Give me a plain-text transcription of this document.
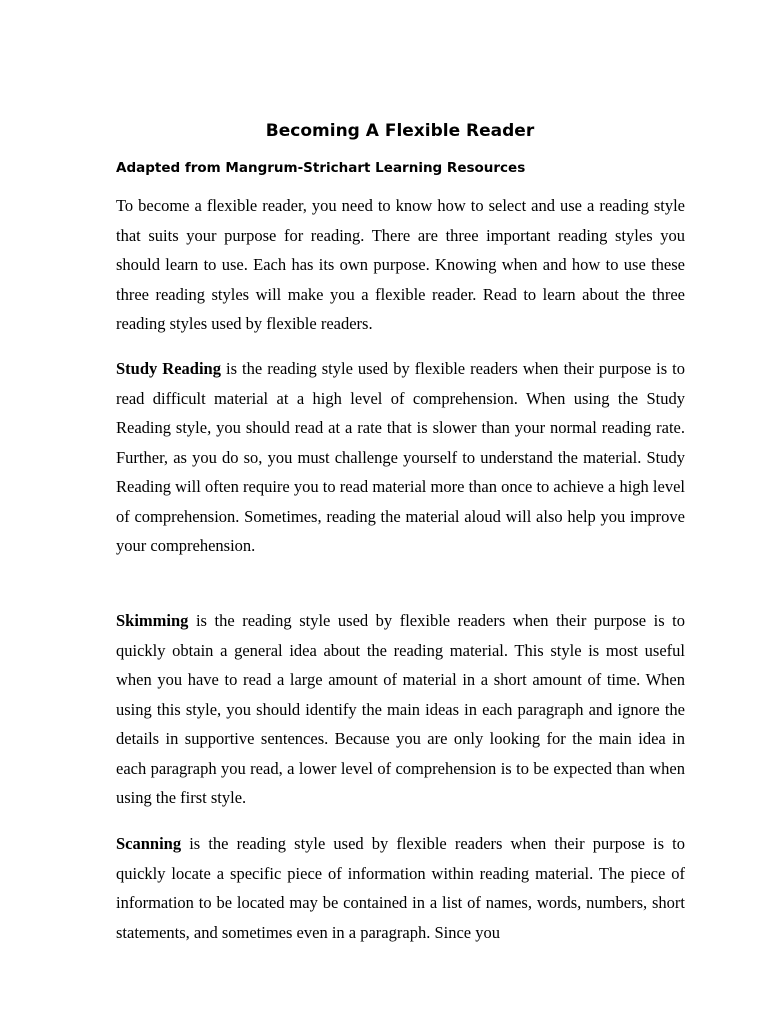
Becoming A Flexible Reader
Adapted from Mangrum-Strichart Learning Resources

To become a flexible reader, you need to know how to select and use a reading style that suits your purpose for reading. There are three important reading styles you should learn to use. Each has its own purpose. Knowing when and how to use these three reading styles will make you a flexible reader. Read to learn about the three reading styles used by flexible readers.

Study Reading is the reading style used by flexible readers when their purpose is to read difficult material at a high level of comprehension. When using the Study Reading style, you should read at a rate that is slower than your normal reading rate. Further, as you do so, you must challenge yourself to understand the material. Study Reading will often require you to read material more than once to achieve a high level of comprehension. Sometimes, reading the material aloud will also help you improve your comprehension.

Skimming is the reading style used by flexible readers when their purpose is to quickly obtain a general idea about the reading material. This style is most useful when you have to read a large amount of material in a short amount of time. When using this style, you should identify the main ideas in each paragraph and ignore the details in supportive sentences. Because you are only looking for the main idea in each paragraph you read, a lower level of comprehension is to be expected than when using the first style.

Scanning is the reading style used by flexible readers when their purpose is to quickly locate a specific piece of information within reading material. The piece of information to be located may be contained in a list of names, words, numbers, short statements, and sometimes even in a paragraph. Since you
